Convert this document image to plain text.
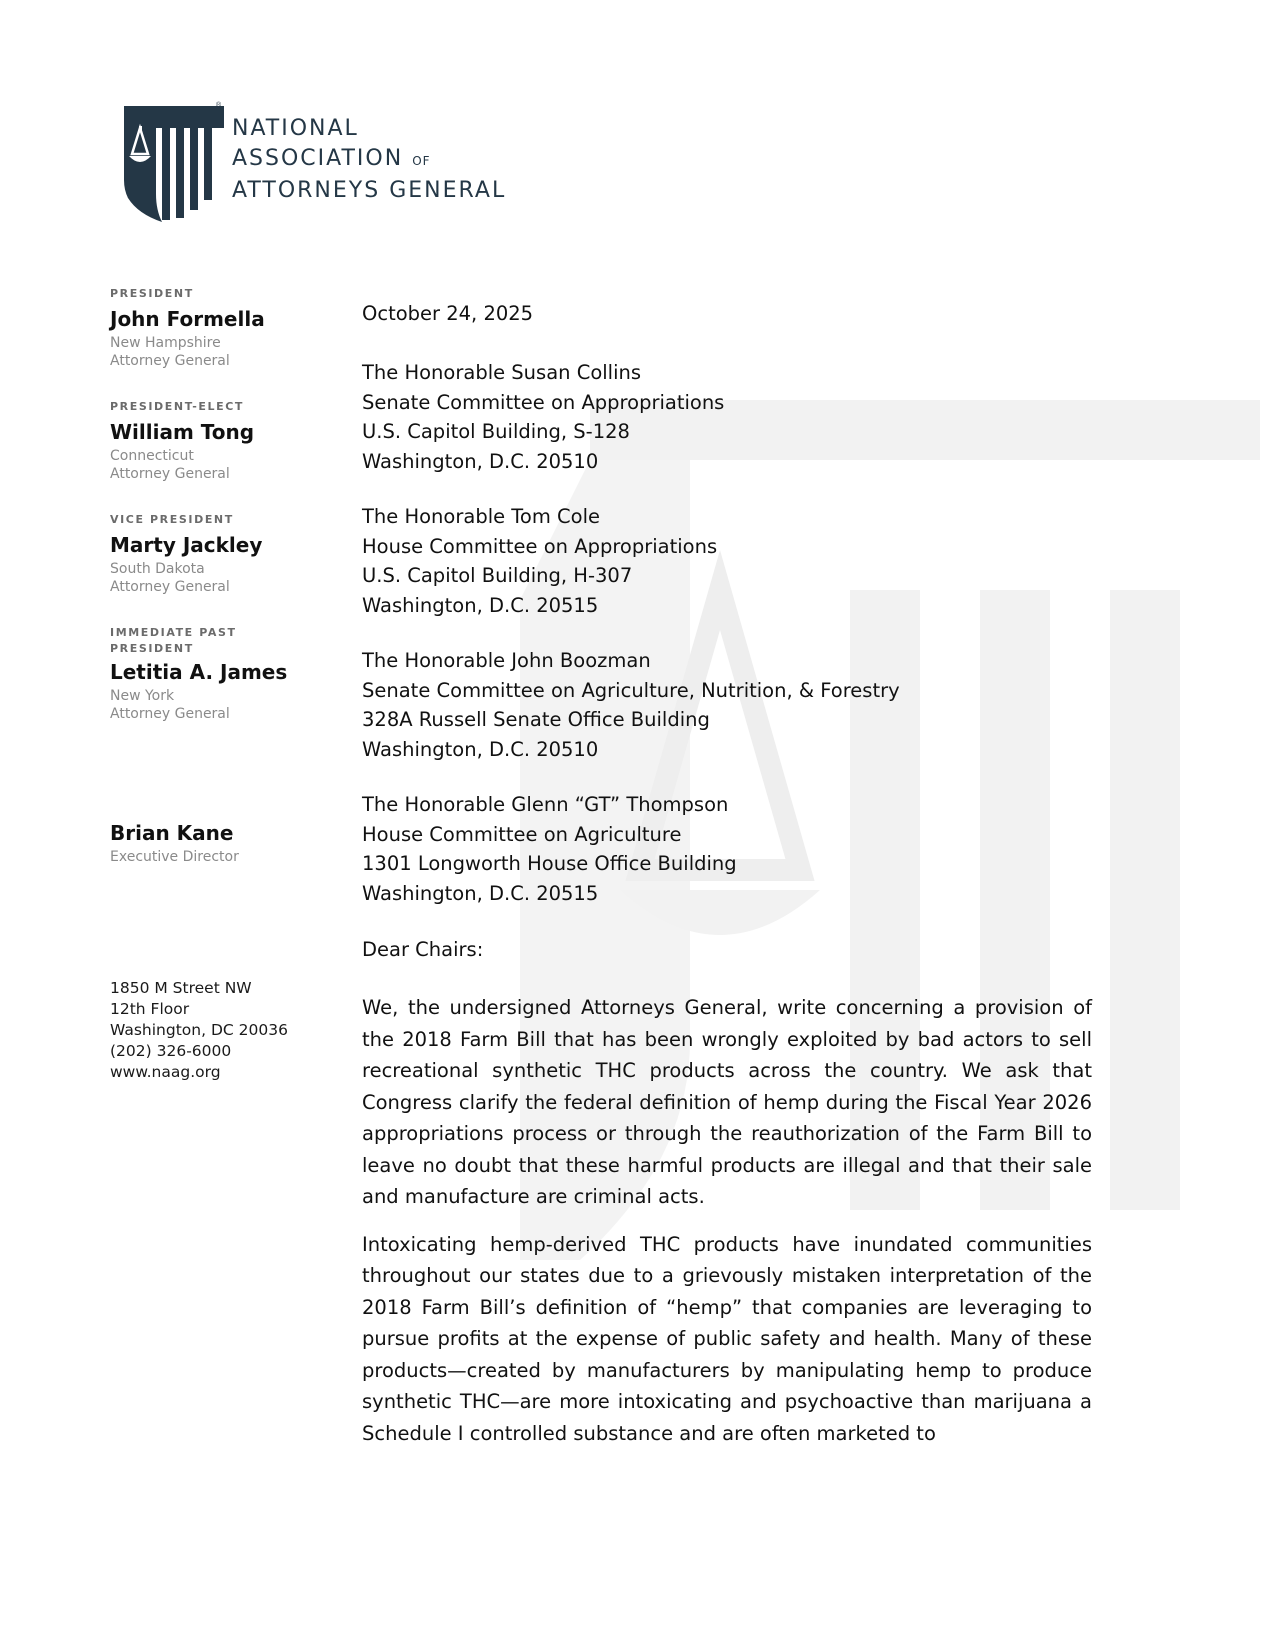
®
NATIONAL
ASSOCIATION OF
ATTORNEYS GENERAL
PRESIDENT
John Formella
New Hampshire
Attorney General
PRESIDENT-ELECT
William Tong
Connecticut
Attorney General
VICE PRESIDENT
Marty Jackley
South Dakota
Attorney General
IMMEDIATE PAST
PRESIDENT
Letitia A. James
New York
Attorney General
Brian Kane
Executive Director
1850 M Street NW
12th Floor
Washington, DC 20036
(202) 326-6000
www.naag.org
October 24, 2025
The Honorable Susan Collins
Senate Committee on Appropriations
U.S. Capitol Building, S-128
Washington, D.C. 20510
The Honorable Tom Cole
House Committee on Appropriations
U.S. Capitol Building, H-307
Washington, D.C. 20515
The Honorable John Boozman
Senate Committee on Agriculture, Nutrition, & Forestry
328A Russell Senate Office Building
Washington, D.C. 20510
The Honorable Glenn “GT” Thompson
House Committee on Agriculture
1301 Longworth House Office Building
Washington, D.C. 20515
Dear Chairs:

We, the undersigned Attorneys General, write concerning a provision of the 2018 Farm Bill that has been wrongly exploited by bad actors to sell recreational synthetic THC products across the country. We ask that Congress clarify the federal definition of hemp during the Fiscal Year 2026 appropriations process or through the reauthorization of the Farm Bill to leave no doubt that these harmful products are illegal and that their sale and manufacture are criminal acts.

Intoxicating hemp-derived THC products have inundated communities throughout our states due to a grievously mistaken interpretation of the 2018 Farm Bill’s definition of “hemp” that companies are leveraging to pursue profits at the expense of public safety and health. Many of these products—created by manufacturers by manipulating hemp to produce synthetic THC—are more intoxicating and psychoactive than marijuana a Schedule I controlled substance and are often marketed to
